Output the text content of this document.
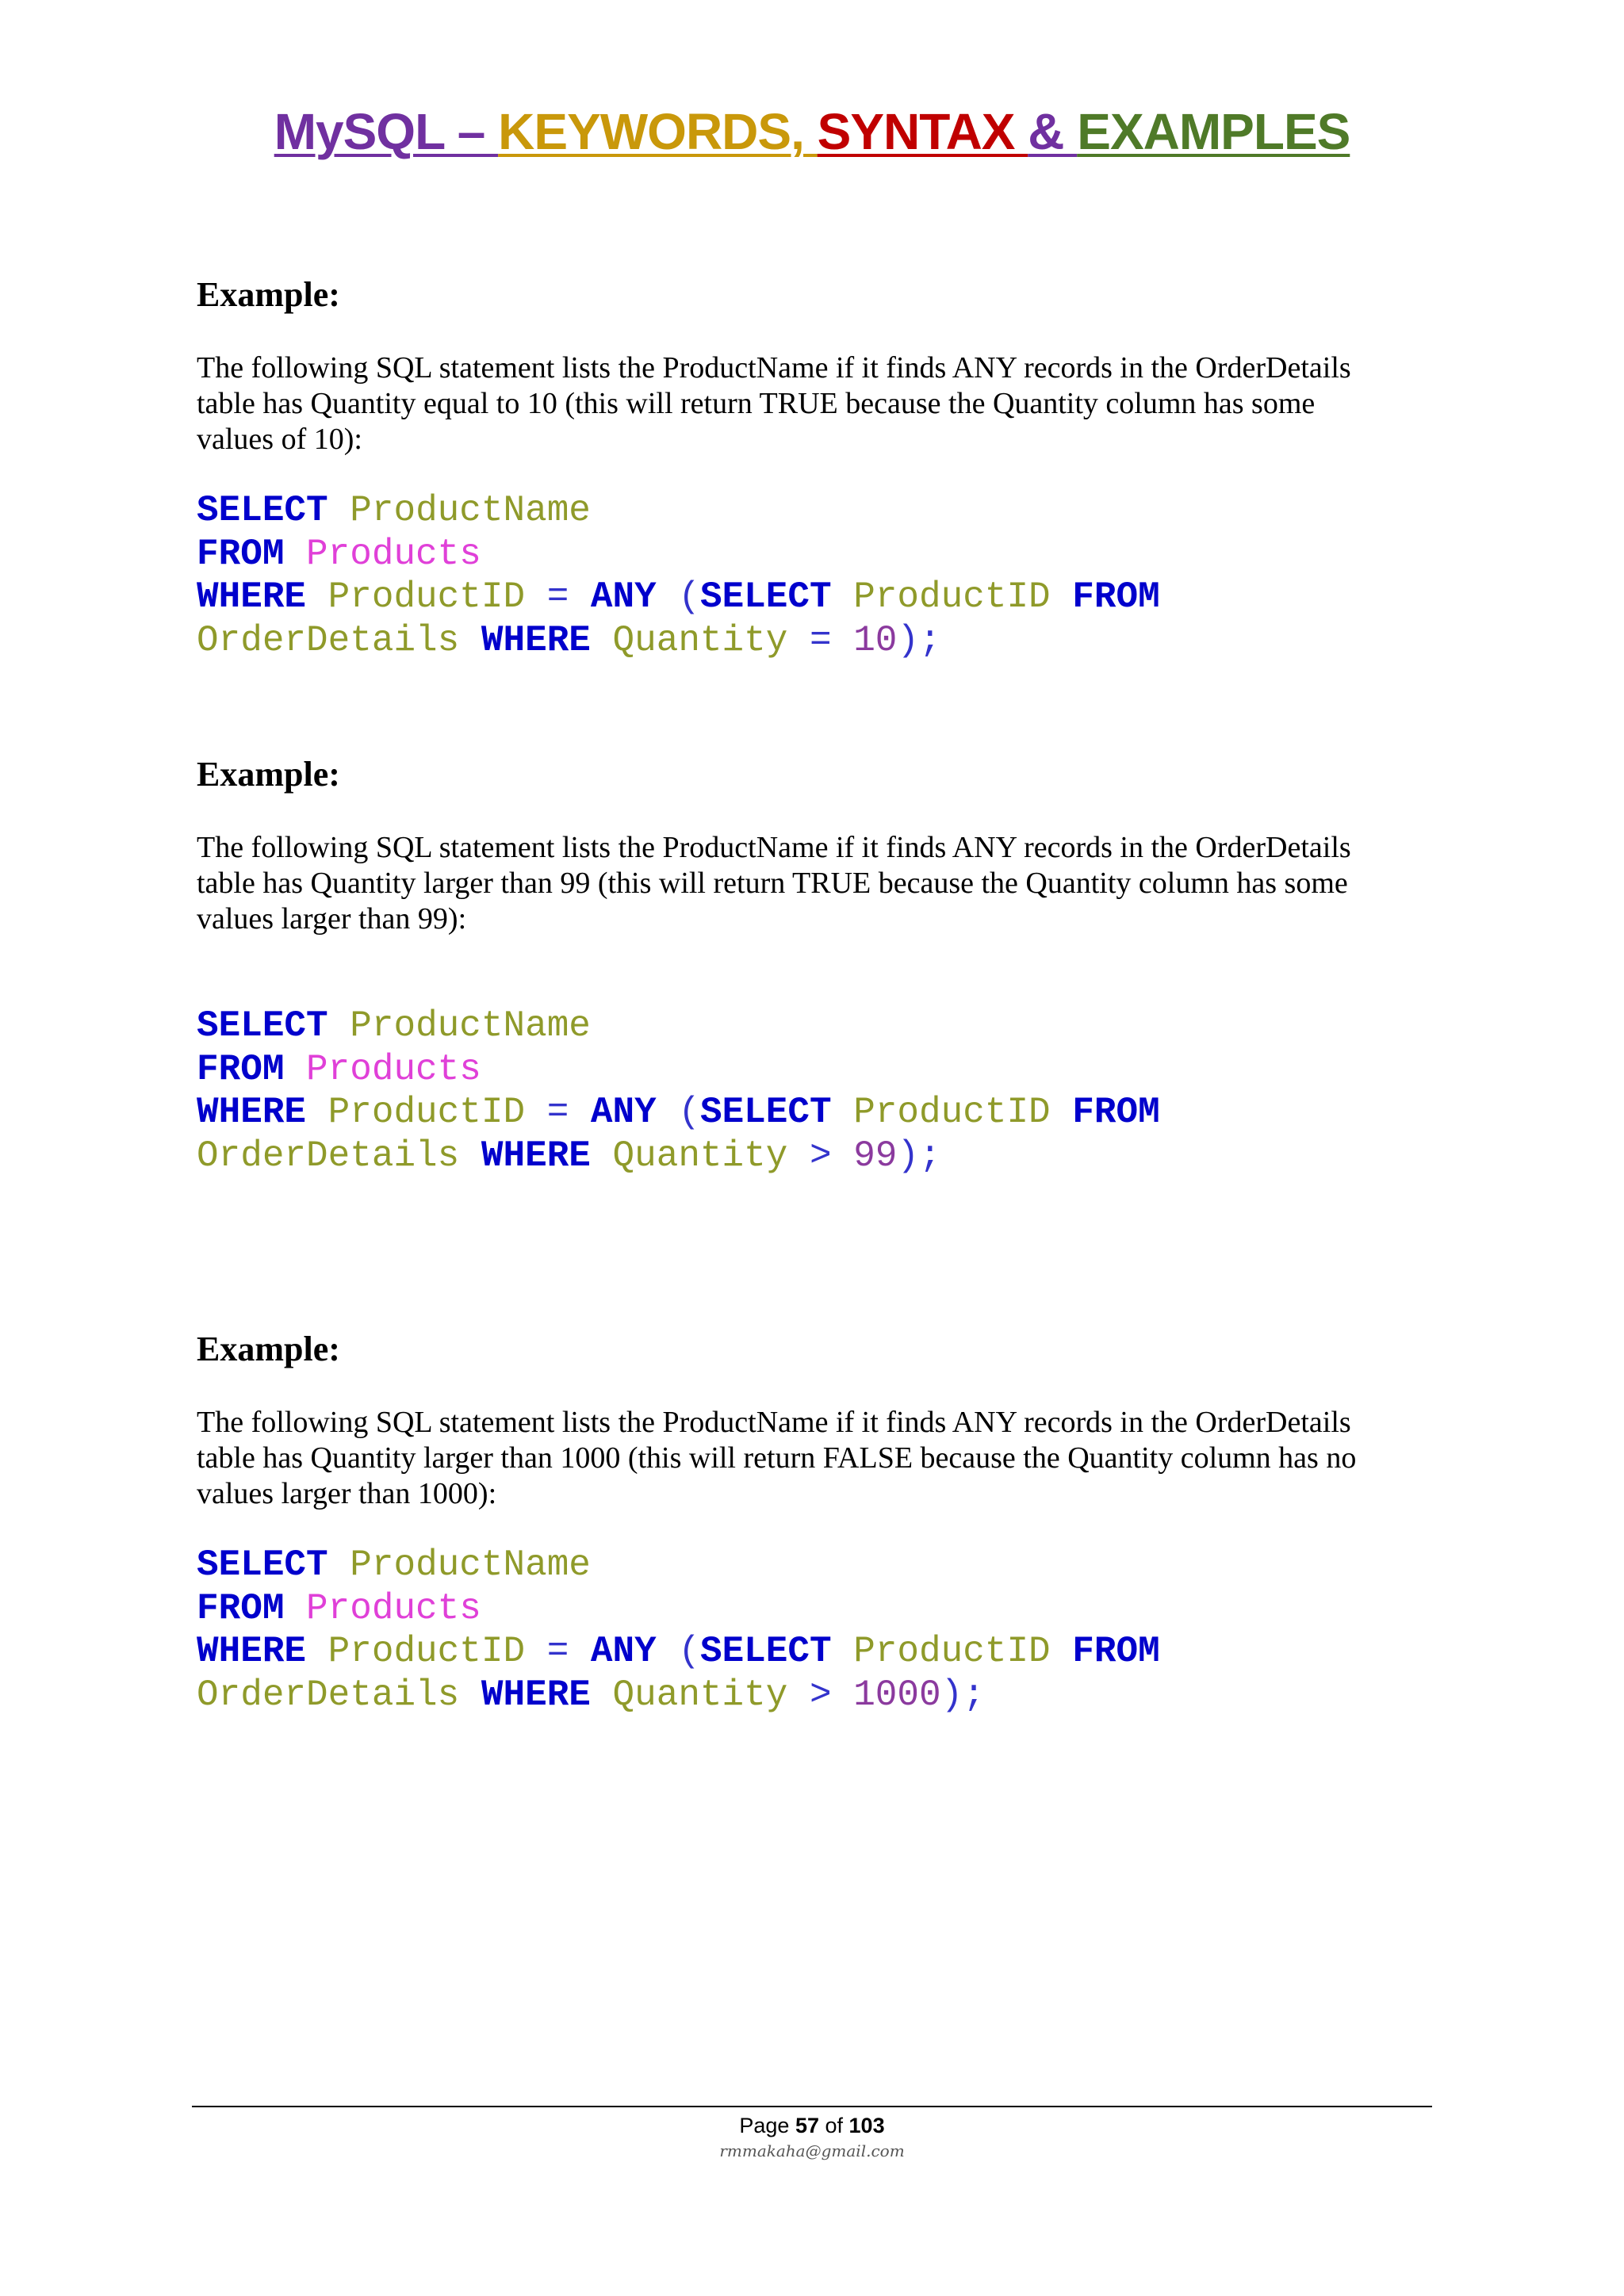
MySQL – KEYWORDS, SYNTAX & EXAMPLES
Example:

The following SQL statement lists the ProductName if it finds ANY records in the OrderDetails
table has Quantity equal to 10 (this will return TRUE because the Quantity column has some
values of 10):

SELECT ProductName
FROM Products
WHERE ProductID = ANY (SELECT ProductID FROM
OrderDetails WHERE Quantity = 10);
Example:

The following SQL statement lists the ProductName if it finds ANY records in the OrderDetails
table has Quantity larger than 99 (this will return TRUE because the Quantity column has some
values larger than 99):

SELECT ProductName
FROM Products
WHERE ProductID = ANY (SELECT ProductID FROM
OrderDetails WHERE Quantity > 99);
Example:

The following SQL statement lists the ProductName if it finds ANY records in the OrderDetails
table has Quantity larger than 1000 (this will return FALSE because the Quantity column has no
values larger than 1000):

SELECT ProductName
FROM Products
WHERE ProductID = ANY (SELECT ProductID FROM
OrderDetails WHERE Quantity > 1000);
Page 57 of 103
rmmakaha@gmail.com
